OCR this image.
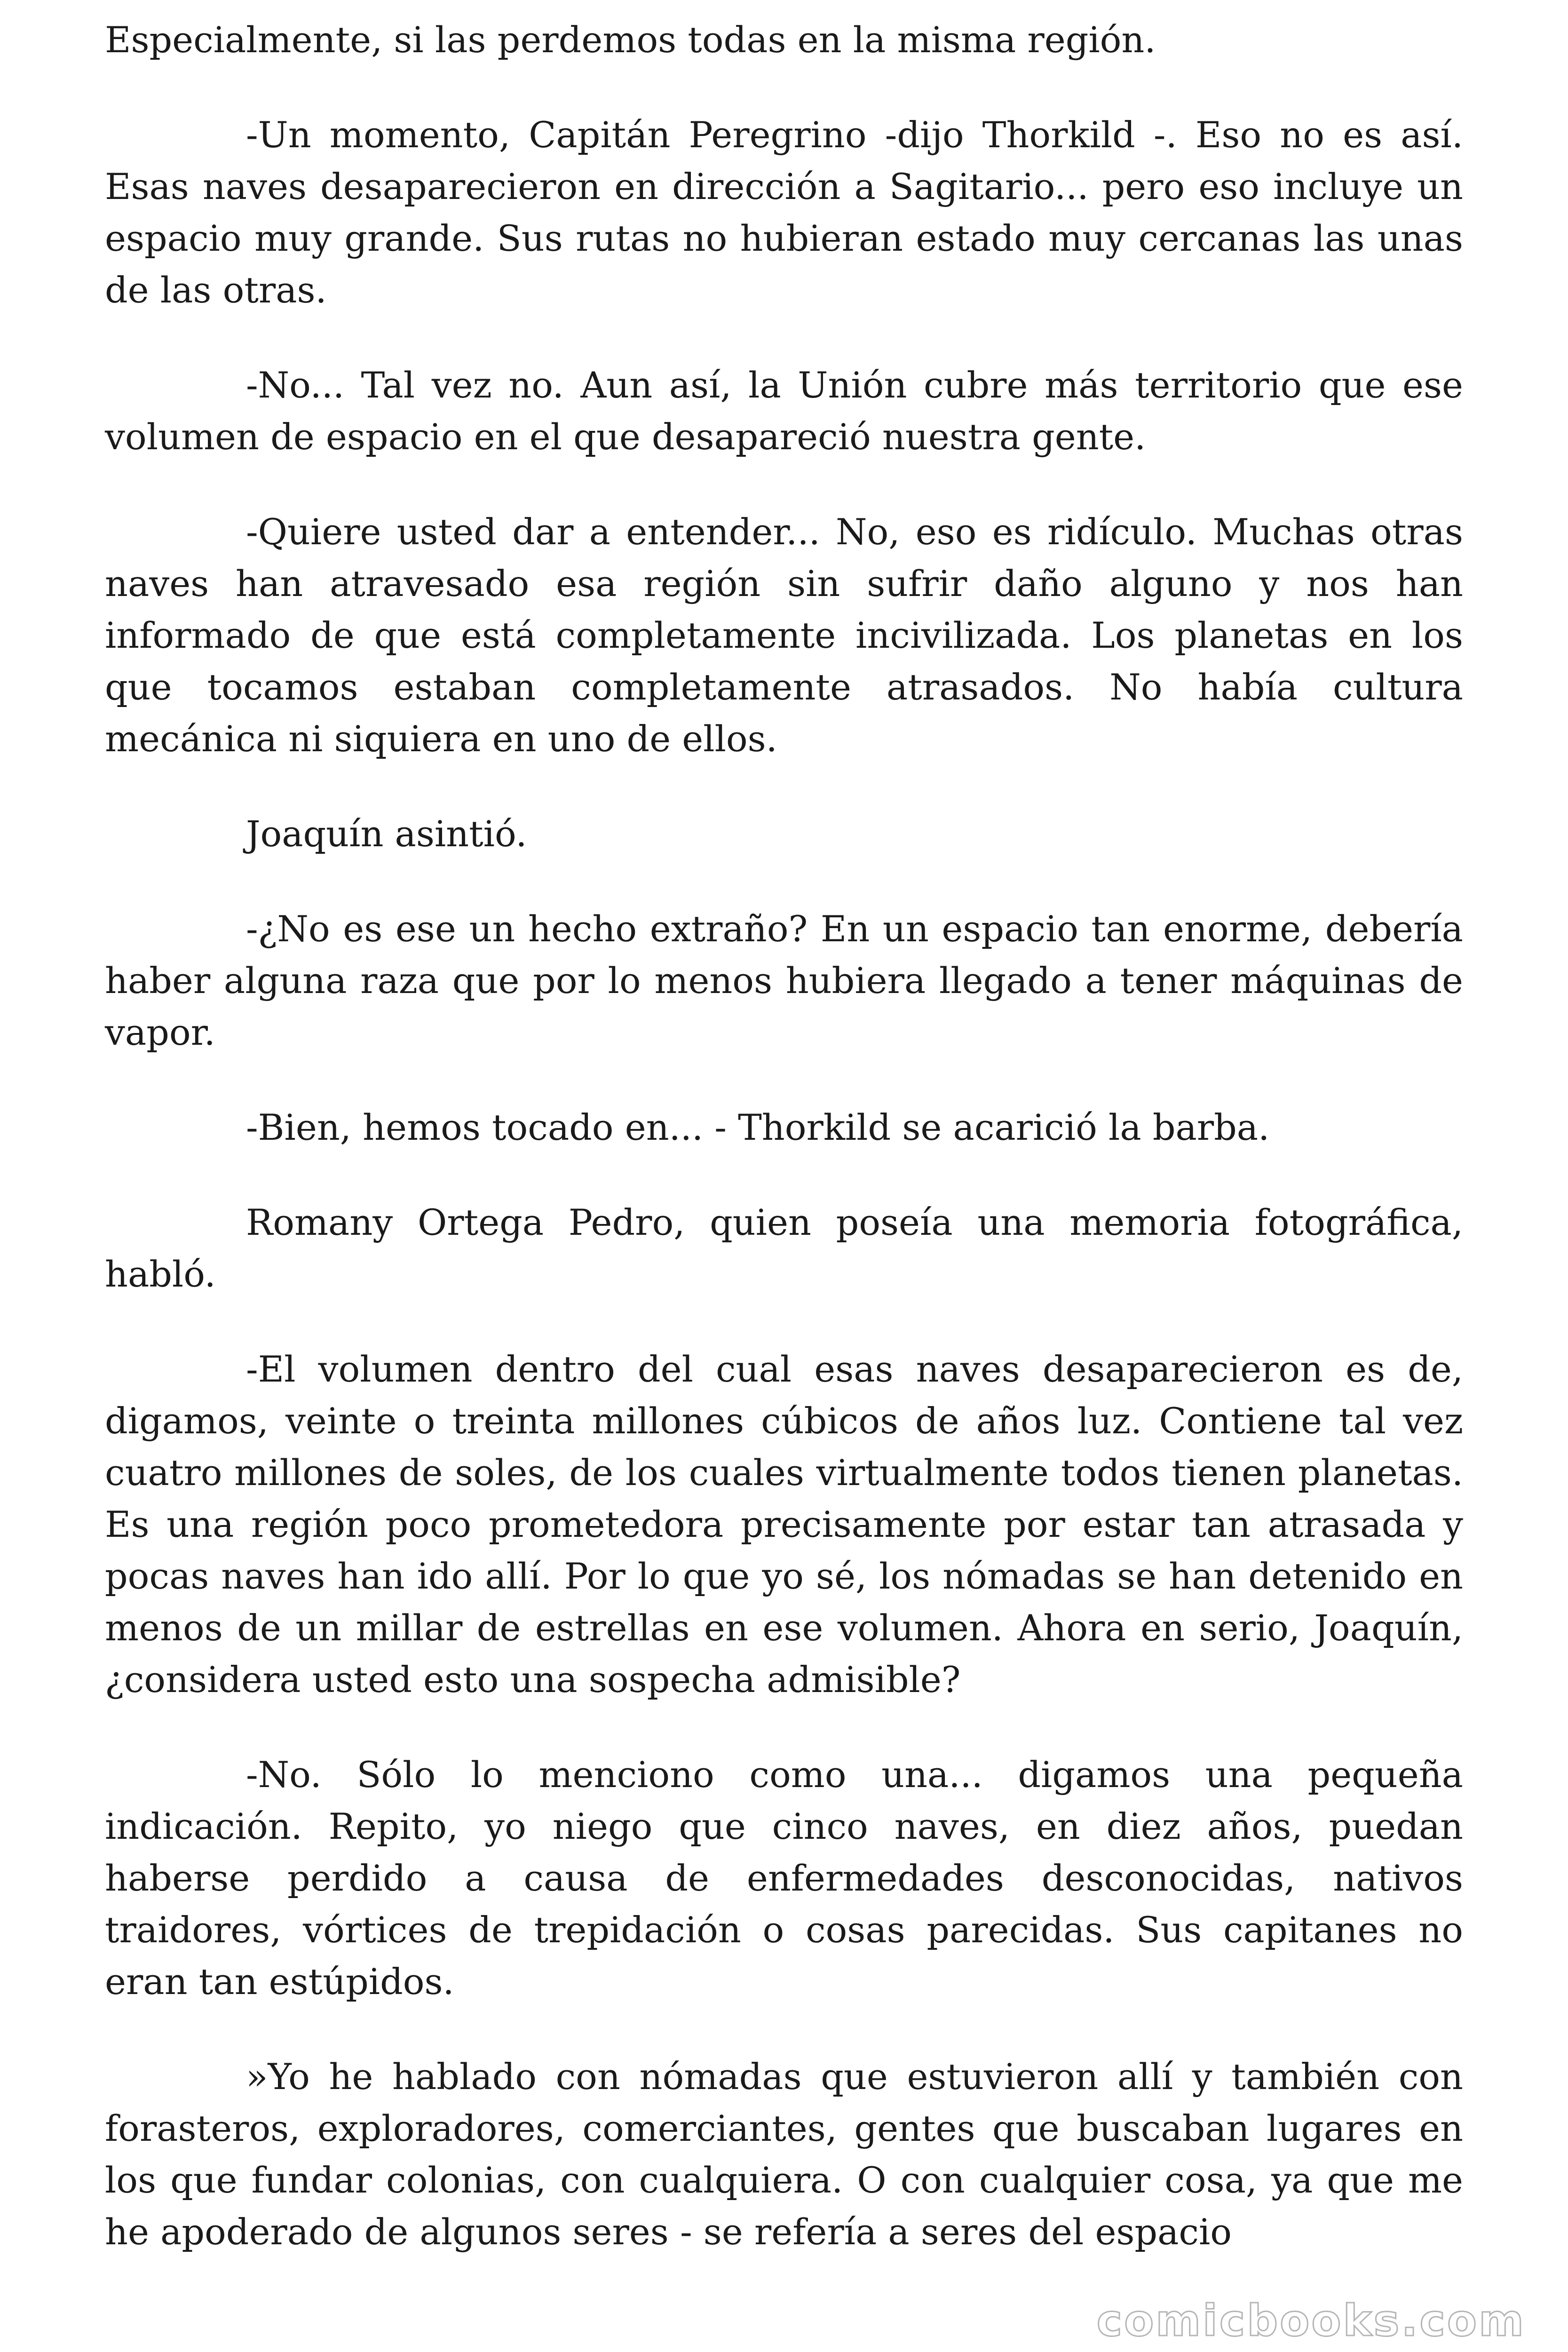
Especialmente, si las perdemos todas en la misma región.

-Un momento, Capitán Peregrino -dijo Thorkild -. Eso no es así. Esas naves desaparecieron en dirección a Sagitario... pero eso incluye un espacio muy grande. Sus rutas no hubieran estado muy cercanas las unas de las otras.

-No... Tal vez no. Aun así, la Unión cubre más territorio que ese volumen de espacio en el que desapareció nuestra gente.

-Quiere usted dar a entender... No, eso es ridículo. Muchas otras naves han atravesado esa región sin sufrir daño alguno y nos han informado de que está completamente incivilizada. Los planetas en los que tocamos estaban completamente atrasados. No había cultura mecánica ni siquiera en uno de ellos.

Joaquín asintió.

-¿No es ese un hecho extraño? En un espacio tan enorme, debería haber alguna raza que por lo menos hubiera llegado a tener máquinas de vapor.

-Bien, hemos tocado en... - Thorkild se acarició la barba.

Romany Ortega Pedro, quien poseía una memoria fotográfica, habló.

-El volumen dentro del cual esas naves desaparecieron es de, digamos, veinte o treinta millones cúbicos de años luz. Contiene tal vez cuatro millones de soles, de los cuales virtualmente todos tienen planetas. Es una región poco prometedora precisamente por estar tan atrasada y pocas naves han ido allí. Por lo que yo sé, los nómadas se han detenido en menos de un millar de estrellas en ese volumen. Ahora en serio, Joaquín, ¿considera usted esto una sospecha admisible?

-No. Sólo lo menciono como una... digamos una pequeña indicación. Repito, yo niego que cinco naves, en diez años, puedan haberse perdido a causa de enfermedades desconocidas, nativos traidores, vórtices de trepidación o cosas parecidas. Sus capitanes no eran tan estúpidos.

»Yo he hablado con nómadas que estuvieron allí y también con forasteros, exploradores, comerciantes, gentes que buscaban lugares en los que fundar colonias, con cualquiera. O con cualquier cosa, ya que me he apoderado de algunos seres - se refería a seres del espacio

comicbooks.com
